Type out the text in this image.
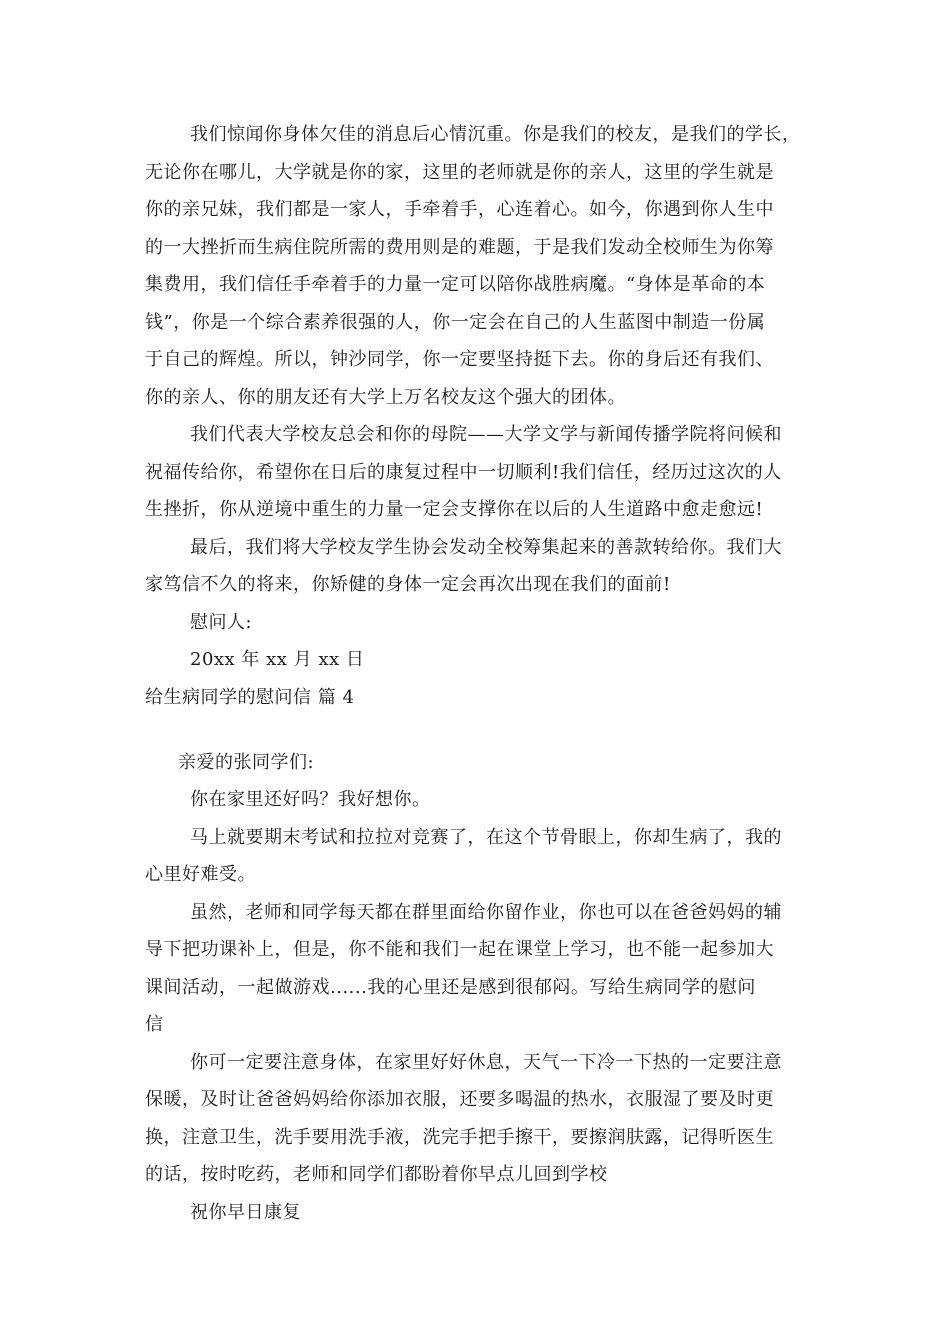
我们惊闻你身体欠佳的消息后心情沉重。你是我们的校友，是我们的学长，
无论你在哪儿，大学就是你的家，这里的老师就是你的亲人，这里的学生就是
你的亲兄妹，我们都是一家人，手牵着手，心连着心。如今，你遇到你人生中
的一大挫折而生病住院所需的费用则是的难题，于是我们发动全校师生为你筹
集费用，我们信任手牵着手的力量一定可以陪你战胜病魔。“身体是革命的本
钱”，你是一个综合素养很强的人，你一定会在自己的人生蓝图中制造一份属
于自己的辉煌。所以，钟沙同学，你一定要坚持挺下去。你的身后还有我们、
你的亲人、你的朋友还有大学上万名校友这个强大的团体。
我们代表大学校友总会和你的母院——大学文学与新闻传播学院将问候和
祝福传给你，希望你在日后的康复过程中一切顺利!我们信任，经历过这次的人
生挫折，你从逆境中重生的力量一定会支撑你在以后的人生道路中愈走愈远!
最后，我们将大学校友学生协会发动全校筹集起来的善款转给你。我们大
家笃信不久的将来，你矫健的身体一定会再次出现在我们的面前!
慰问人:
20xx 年 xx 月 xx 日
给生病同学的慰问信 篇 4
亲爱的张同学们:
你在家里还好吗？我好想你。
马上就要期末考试和拉拉对竞赛了，在这个节骨眼上，你却生病了，我的
心里好难受。
虽然，老师和同学每天都在群里面给你留作业，你也可以在爸爸妈妈的辅
导下把功课补上，但是，你不能和我们一起在课堂上学习，也不能一起参加大
课间活动，一起做游戏......我的心里还是感到很郁闷。写给生病同学的慰问
信
你可一定要注意身体，在家里好好休息，天气一下冷一下热的一定要注意
保暖，及时让爸爸妈妈给你添加衣服，还要多喝温的热水，衣服湿了要及时更
换，注意卫生，洗手要用洗手液，洗完手把手擦干，要擦润肤露，记得听医生
的话，按时吃药，老师和同学们都盼着你早点儿回到学校
祝你早日康复
